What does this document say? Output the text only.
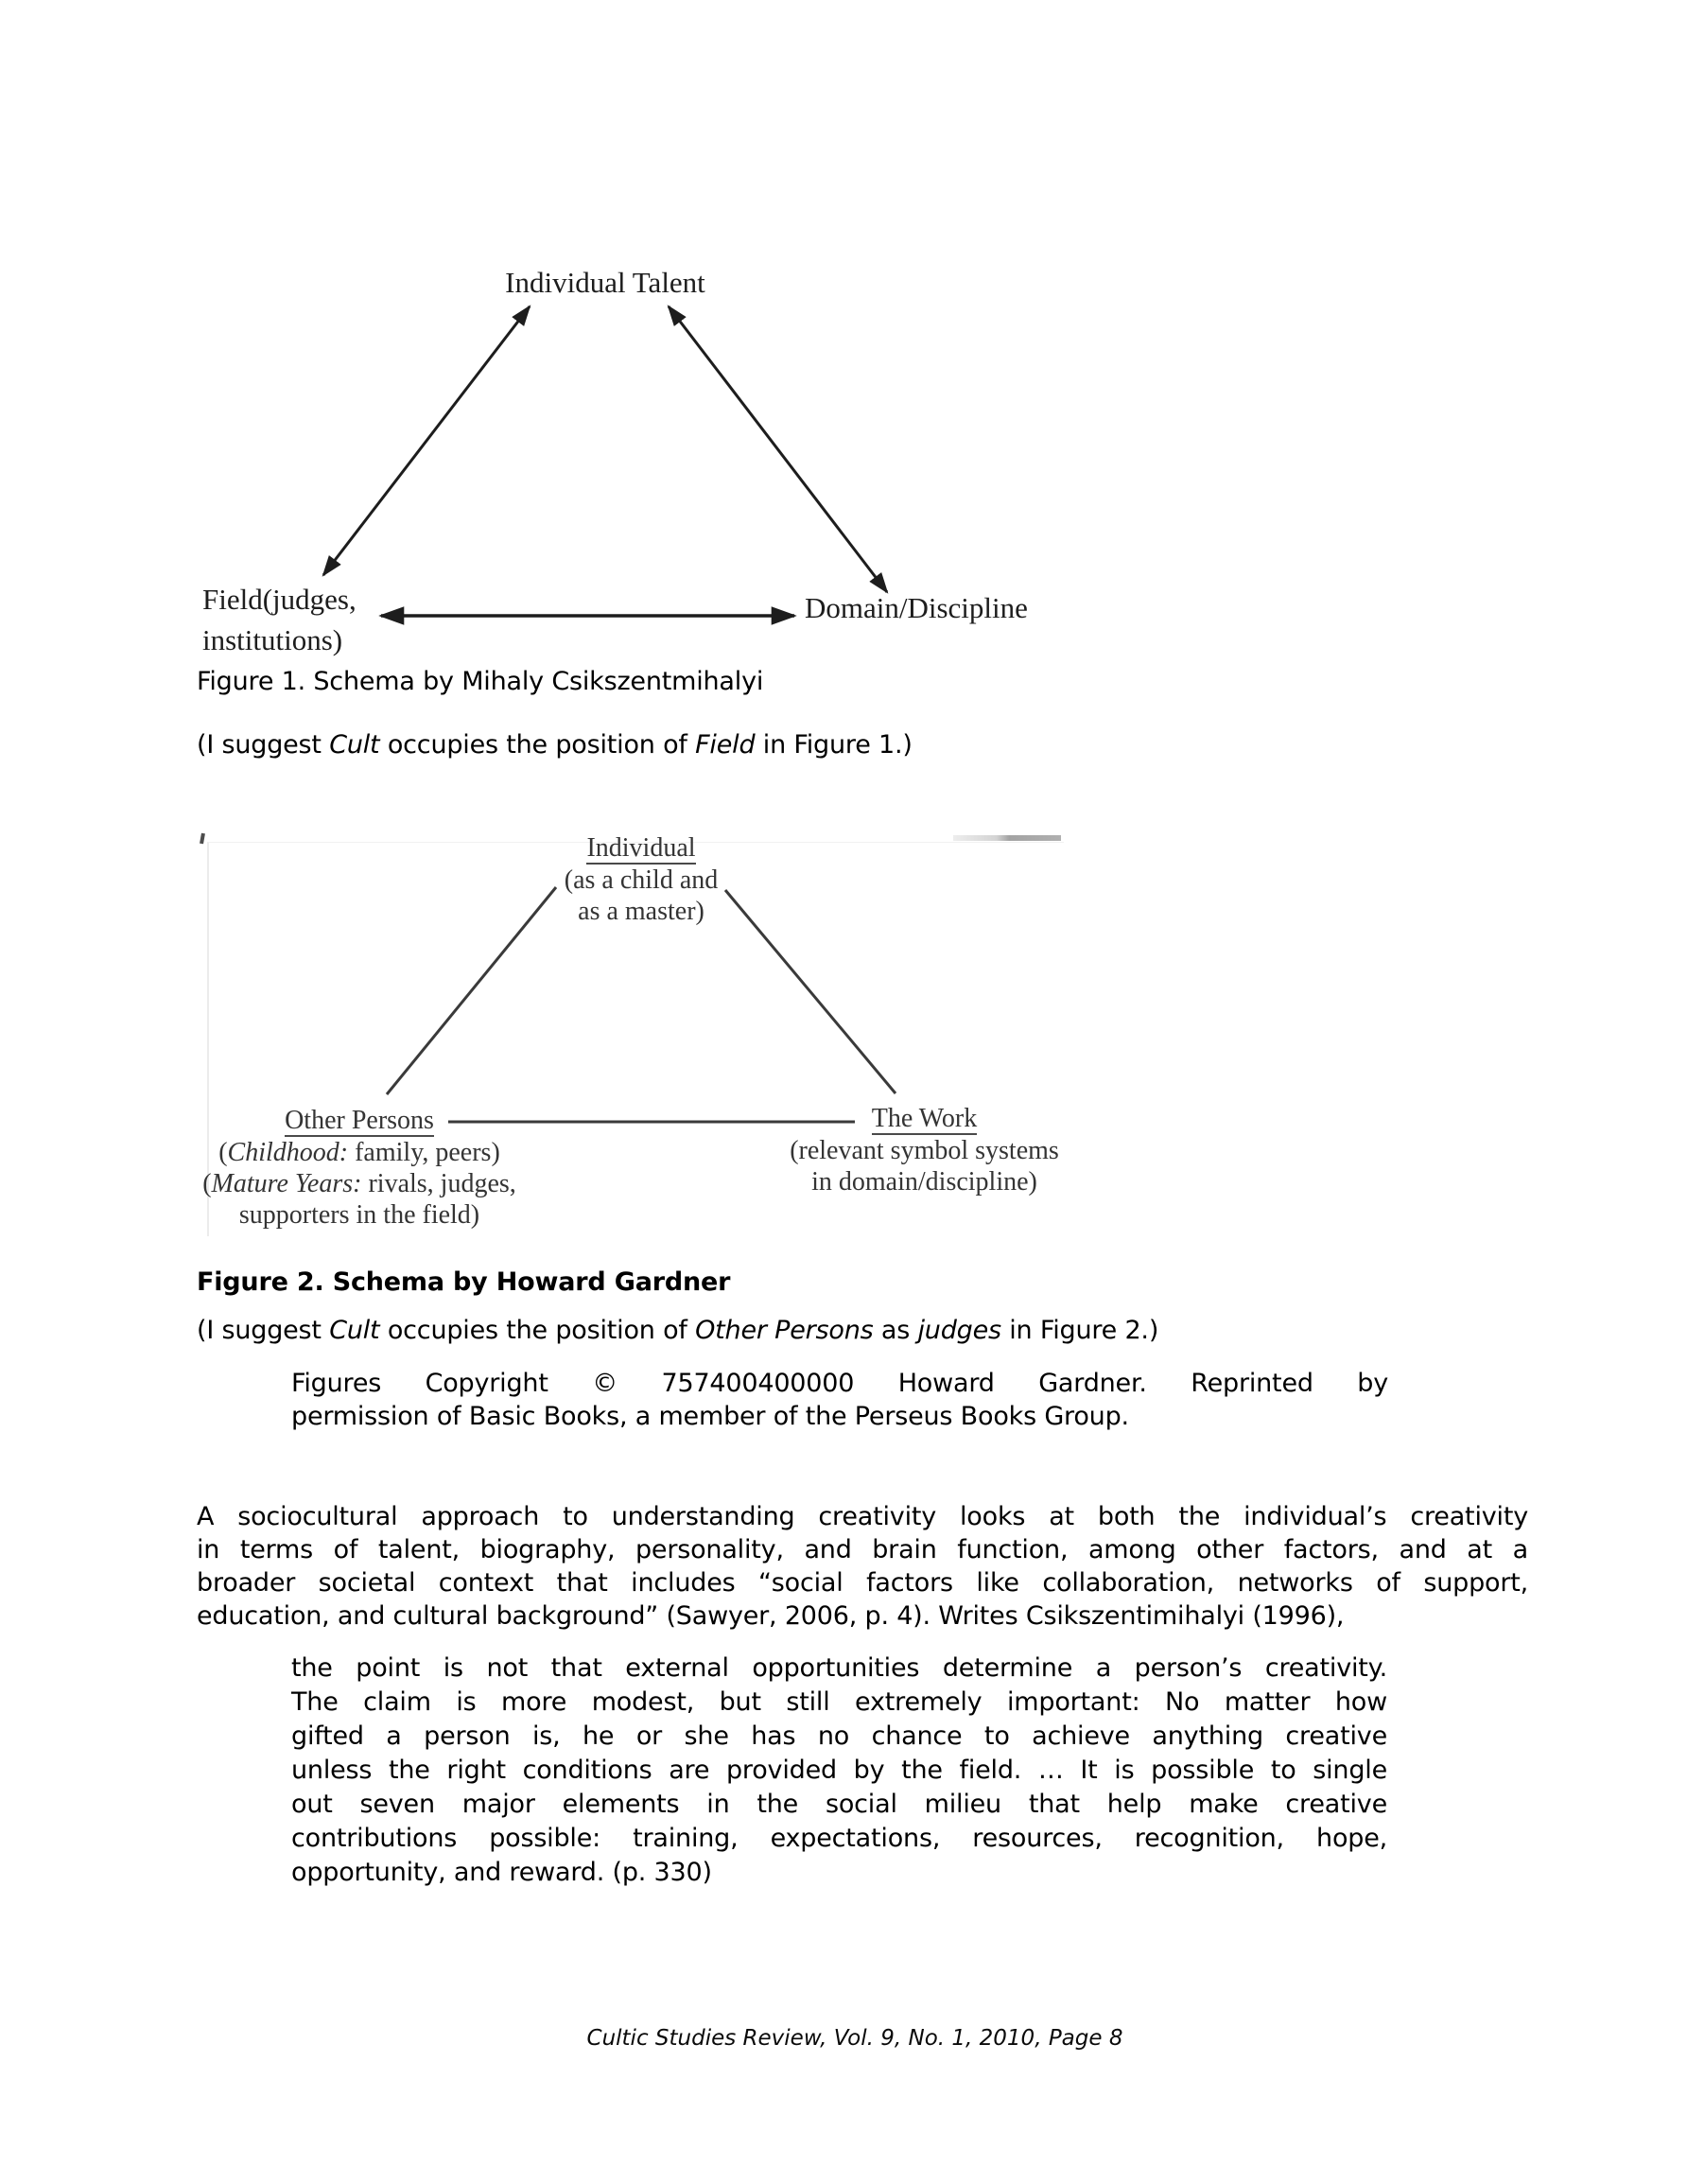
Individual Talent
Field(judges,
institutions)
Domain/Discipline
Figure 1. Schema by Mihaly Csikszentmihalyi
(I suggest Cult occupies the position of Field in Figure 1.)
Individual
(as a child and
as a master)
Other Persons
(Childhood: family, peers)
(Mature Years: rivals, judges,
supporters in the field)
The Work
(relevant symbol systems
in domain/discipline)
Figure 2. Schema by Howard Gardner
(I suggest Cult occupies the position of Other Persons as judges in Figure 2.)
Figures Copyright © 757400400000 Howard Gardner. Reprinted by
permission of Basic Books, a member of the Perseus Books Group.
A sociocultural approach to understanding creativity looks at both the individual’s creativity
in terms of talent, biography, personality, and brain function, among other factors, and at a
broader societal context that includes “social factors like collaboration, networks of support,
education, and cultural background” (Sawyer, 2006, p. 4). Writes Csikszentimihalyi (1996),
the point is not that external opportunities determine a person’s creativity.
The claim is more modest, but still extremely important: No matter how
gifted a person is, he or she has no chance to achieve anything creative
unless the right conditions are provided by the field. … It is possible to single
out seven major elements in the social milieu that help make creative
contributions possible: training, expectations, resources, recognition, hope,
opportunity, and reward. (p. 330)
Cultic Studies Review, Vol. 9, No. 1, 2010, Page 8
